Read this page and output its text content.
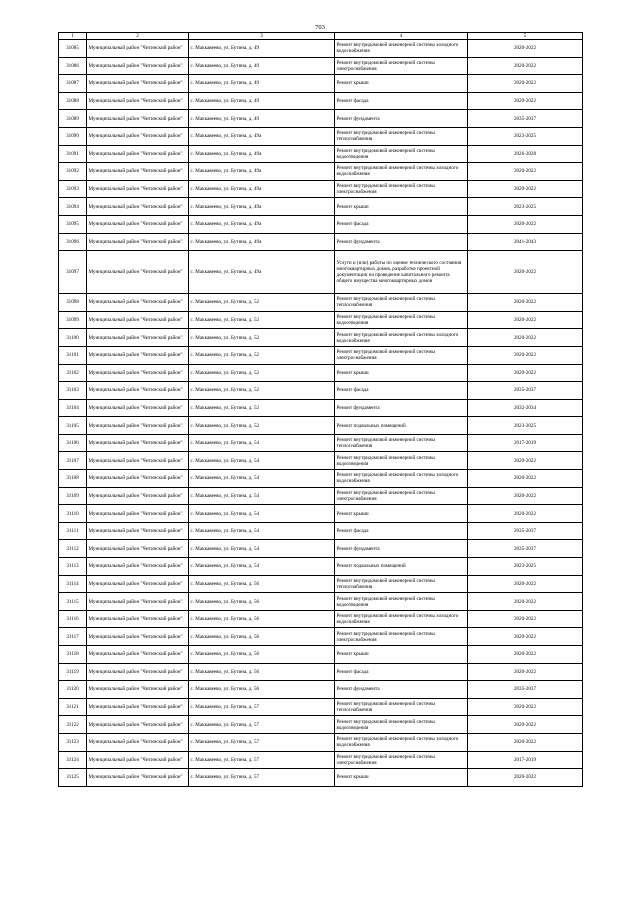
703
1	2	3	4	5
31085	Муниципальный район "Читинский район"	с. Маккавеево, ул. Бутина, д. 49	Ремонт внутридомовой инженерной системы холодного водоснабжения	2020-2022
31086	Муниципальный район "Читинский район"	с. Маккавеево, ул. Бутина, д. 49	Ремонт внутридомовой инженерной системы электроснабжения	2020-2022
31087	Муниципальный район "Читинский район"	с. Маккавеево, ул. Бутина, д. 49	Ремонт крыши	2020-2022
31088	Муниципальный район "Читинский район"	с. Маккавеево, ул. Бутина, д. 49	Ремонт фасада	2020-2022
31089	Муниципальный район "Читинский район"	с. Маккавеево, ул. Бутина, д. 49	Ремонт фундамента	2035-2037
31090	Муниципальный район "Читинский район"	с. Маккавеево, ул. Бутина, д. 49а	Ремонт внутридомовой инженерной системы теплоснабжения	2023-2025
31091	Муниципальный район "Читинский район"	с. Маккавеево, ул. Бутина, д. 49а	Ремонт внутридомовой инженерной системы водоотведения	2026-2028
31092	Муниципальный район "Читинский район"	с. Маккавеево, ул. Бутина, д. 49а	Ремонт внутридомовой инженерной системы холодного водоснабжения	2020-2022
31093	Муниципальный район "Читинский район"	с. Маккавеево, ул. Бутина, д. 49а	Ремонт внутридомовой инженерной системы электроснабжения	2020-2022
31094	Муниципальный район "Читинский район"	с. Маккавеево, ул. Бутина, д. 49а	Ремонт крыши	2023-2025
31095	Муниципальный район "Читинский район"	с. Маккавеево, ул. Бутина, д. 49а	Ремонт фасада	2020-2022
31096	Муниципальный район "Читинский район"	с. Маккавеево, ул. Бутина, д. 49а	Ремонт фундамента	2041-2043
31097	Муниципальный район "Читинский район"	с. Маккавеево, ул. Бутина, д. 49а	Услуги и (или) работы по оценке технического состояния многоквартирных домов, разработке проектной документации на проведение капитального ремонта общего имущества многоквартирных домов	2020-2022
31098	Муниципальный район "Читинский район"	с. Маккавеево, ул. Бутина, д. 52	Ремонт внутридомовой инженерной системы теплоснабжения	2020-2022
31099	Муниципальный район "Читинский район"	с. Маккавеево, ул. Бутина, д. 52	Ремонт внутридомовой инженерной системы водоотведения	2020-2022
31100	Муниципальный район "Читинский район"	с. Маккавеево, ул. Бутина, д. 52	Ремонт внутридомовой инженерной системы холодного водоснабжения	2020-2022
31101	Муниципальный район "Читинский район"	с. Маккавеево, ул. Бутина, д. 52	Ремонт внутридомовой инженерной системы электроснабжения	2020-2022
31102	Муниципальный район "Читинский район"	с. Маккавеево, ул. Бутина, д. 52	Ремонт крыши	2020-2022
31103	Муниципальный район "Читинский район"	с. Маккавеево, ул. Бутина, д. 52	Ремонт фасада	2035-2037
31104	Муниципальный район "Читинский район"	с. Маккавеево, ул. Бутина, д. 52	Ремонт фундамента	2032-2034
31105	Муниципальный район "Читинский район"	с. Маккавеево, ул. Бутина, д. 52	Ремонт подвальных помещений	2023-2025
31106	Муниципальный район "Читинский район"	с. Маккавеево, ул. Бутина, д. 54	Ремонт внутридомовой инженерной системы теплоснабжения	2017-2019
31107	Муниципальный район "Читинский район"	с. Маккавеево, ул. Бутина, д. 54	Ремонт внутридомовой инженерной системы водоотведения	2020-2022
31108	Муниципальный район "Читинский район"	с. Маккавеево, ул. Бутина, д. 54	Ремонт внутридомовой инженерной системы холодного водоснабжения	2020-2022
31109	Муниципальный район "Читинский район"	с. Маккавеево, ул. Бутина, д. 54	Ремонт внутридомовой инженерной системы электроснабжения	2020-2022
31110	Муниципальный район "Читинский район"	с. Маккавеево, ул. Бутина, д. 54	Ремонт крыши	2020-2022
31111	Муниципальный район "Читинский район"	с. Маккавеево, ул. Бутина, д. 54	Ремонт фасада	2035-2037
31112	Муниципальный район "Читинский район"	с. Маккавеево, ул. Бутина, д. 54	Ремонт фундамента	2035-2037
31113	Муниципальный район "Читинский район"	с. Маккавеево, ул. Бутина, д. 54	Ремонт подвальных помещений	2023-2025
31114	Муниципальный район "Читинский район"	с. Маккавеево, ул. Бутина, д. 56	Ремонт внутридомовой инженерной системы теплоснабжения	2020-2022
31115	Муниципальный район "Читинский район"	с. Маккавеево, ул. Бутина, д. 56	Ремонт внутридомовой инженерной системы водоотведения	2020-2022
31116	Муниципальный район "Читинский район"	с. Маккавеево, ул. Бутина, д. 56	Ремонт внутридомовой инженерной системы холодного водоснабжения	2020-2022
31117	Муниципальный район "Читинский район"	с. Маккавеево, ул. Бутина, д. 56	Ремонт внутридомовой инженерной системы электроснабжения	2020-2022
31118	Муниципальный район "Читинский район"	с. Маккавеево, ул. Бутина, д. 56	Ремонт крыши	2020-2022
31119	Муниципальный район "Читинский район"	с. Маккавеево, ул. Бутина, д. 56	Ремонт фасада	2020-2022
31120	Муниципальный район "Читинский район"	с. Маккавеево, ул. Бутина, д. 56	Ремонт фундамента	2035-2037
31121	Муниципальный район "Читинский район"	с. Маккавеево, ул. Бутина, д. 57	Ремонт внутридомовой инженерной системы теплоснабжения	2020-2022
31122	Муниципальный район "Читинский район"	с. Маккавеево, ул. Бутина, д. 57	Ремонт внутридомовой инженерной системы водоотведения	2020-2022
31123	Муниципальный район "Читинский район"	с. Маккавеево, ул. Бутина, д. 57	Ремонт внутридомовой инженерной системы холодного водоснабжения	2020-2022
31124	Муниципальный район "Читинский район"	с. Маккавеево, ул. Бутина, д. 57	Ремонт внутридомовой инженерной системы электроснабжения	2017-2019
31125	Муниципальный район "Читинский район"	с. Маккавеево, ул. Бутина, д. 57	Ремонт крыши	2020-2022
